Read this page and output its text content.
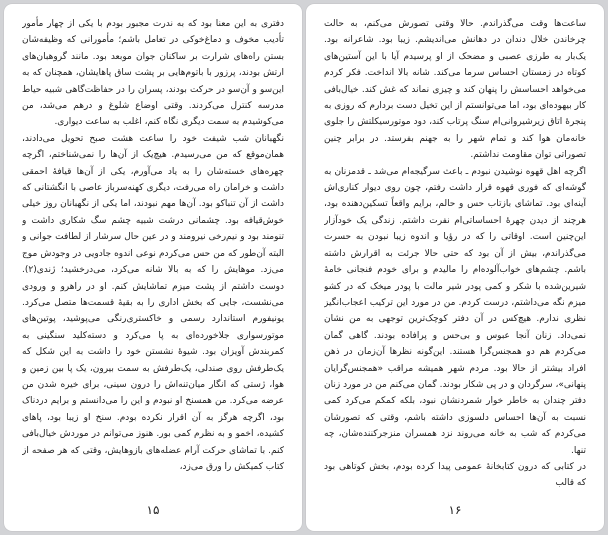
دفتری به این معنا بود که به ندرت مجبور بودم با یکی از چهار مأمور تأدیب مخوف و دماغ‌خوکی در تعامل باشم؛ مأمورانی که وظیفه‌شان بستن راه‌های شرارت بر ساکنان جوان موبعد بود. مانند گروهبان‌های ارتش بودند، پرزور با باتوم‌هایی بر پشت ساق پاهایشان، همچنان که به این‌سو و آن‌سو در حرکت بودند، پسران را در حفاظت‌گاهی شبیه حیاط مدرسه کنترل می‌کردند. وقتی اوضاع شلوغ و درهم می‌شد، من می‌کوشیدم به سمت دیگری نگاه کنم، اغلب به ساعت دیواری.

نگهبانان شب شیفت خود را ساعت هشت صبح تحویل می‌دادند، همان‌موقع که من می‌رسیدم. هیچ‌یک از آن‌ها را نمی‌شناختم، اگرچه چهره‌های خسته‌شان را به یاد می‌آورم، یکی از آن‌ها قیافهٔ احمقی داشت و خرامان راه می‌رفت، دیگری کهنه‌سرباز عاصی با انگشتانی که داشت از آن تنباکو بود. آن‌ها مهم نبودند، اما یکی از نگهبانان روز خیلی خوش‌قیافه بود. چشمانی درشت شبیه چشم سگ شکاری داشت و تنومند بود و نیم‌رخی نیرومند و در عین حال سرشار از لطافت جوانی و البته آن‌طور که من حس می‌کردم نوعی اندوه جادویی در وجودش موج می‌زد. موهایش را که به بالا شانه می‌کرد، می‌درخشید؛ ژندی(۲). دوست داشتم از پشت میزم تماشایش کنم. او در راهرو و ورودی می‌نشست، جایی که بخش اداری را به بقیهٔ قسمت‌ها متصل می‌کرد. یونیفورم استاندارد رسمی و خاکستری‌رنگی می‌پوشید، پوتین‌های موتورسواری جلاخورده‌ای به پا می‌کرد و دسته‌کلید سنگینی به کمربندش آویزان بود. شیوهٔ نشستن خود را داشت به این شکل که یک‌طرفش روی صندلی، یک‌طرفش به سمت بیرون، یک پا بین زمین و هوا، ژستی که انگار میان‌تنه‌اش را درون سینی، برای خیره شدن من عرضه می‌کرد. من همسنخ او نبودم و این را می‌دانستم و برایم دردناک بود، اگرچه هرگز به آن اقرار نکرده بودم. سنخ او زیبا بود، پاهای کشیده، اخمو و به نظرم کمی بور. هنوز می‌توانم در موردش خیال‌بافی کنم. با تماشای حرکت آرام عضله‌های بازوهایش، وقتی که هر صفحه از کتاب کمیکش را ورق می‌زد،

۱۵

ساعت‌ها وقت می‌گذراندم. حالا وقتی تصورش می‌کنم، به حالت چرخاندن خلال دندان در دهانش می‌اندیشم. زیبا بود. شاعرانه بود. یک‌بار به طرزی عصبی و مضحک از او پرسیدم آیا با این آستین‌های کوتاه در زمستان احساس سرما می‌کند. شانه بالا انداخت. فکر کردم می‌خواهد احساسش را پنهان کند و چیزی نماند که غش کند. خیال‌بافی کار بیهوده‌ای بود، اما می‌توانستم از این تخیل دست بردارم که روزی به پنجرهٔ اتاق زیرشیروانی‌ام سنگ پرتاب کند، دود موتورسیکلتش را جلوی خانه‌مان هوا کند و تمام شهر را به جهنم بفرستد. در برابر چنین تصوراتی توان مقاومت نداشتم.

اگرچه اهل قهوه نوشیدن نبودم ـ باعث سرگیجه‌ام می‌شد ـ قدمزنان به گوشه‌ای که فوری قهوه قرار داشت رفتم، چون روی دیوار کناری‌اش آینه‌ای بود. تماشای بازتاب حس و حالم، برایم واقعاً تسکین‌دهنده بود، هرچند از دیدن چهرهٔ احساساتی‌ام نفرت داشتم. زندگی یک خودآزار این‌چنین است. اوقاتی را که در رؤیا و اندوه زیبا نبودن به حسرت می‌گذراندم، بیش از آن بود که حتی حالا جرئت به اقرارش داشته باشم. چشم‌های خواب‌آلوده‌ام را مالیدم و برای خودم فنجانی خامهٔ شیرین‌شده با شکر و کمی پودر شیر مالت با پودر میخک که در کشو میزم نگه می‌داشتم، درست کردم. من در مورد این ترکیب اعجاب‌انگیز نظری ندارم. هیچ‌کس در آن دفتر کوچک‌ترین توجهی به من نشان نمی‌داد. زنان آنجا عبوس و بی‌حس و پرافاده بودند. گاهی گمان می‌کردم هم دو همجنس‌گرا هستند. این‌گونه نظرها آن‌زمان در ذهن افراد بیشتر از حالا بود. مردم شهر همیشه مراقب «همجنس‌گرایان پنهانی»، سرگردان و در پی شکار بودند. گمان می‌کنم من در مورد زنان دفتر چندان به خاطر خوار شمردنشان نبود، بلکه کمکم می‌کرد کمی نسبت به آن‌ها احساس دلسوزی داشته باشم، وقتی که تصورشان می‌کردم که شب به خانه می‌روند نزد همسران منزجرکننده‌شان، چه تنها.

در کتابی که درون کتابخانهٔ عمومی پیدا کرده بودم، بخش کوتاهی بود که قالب

۱۶
